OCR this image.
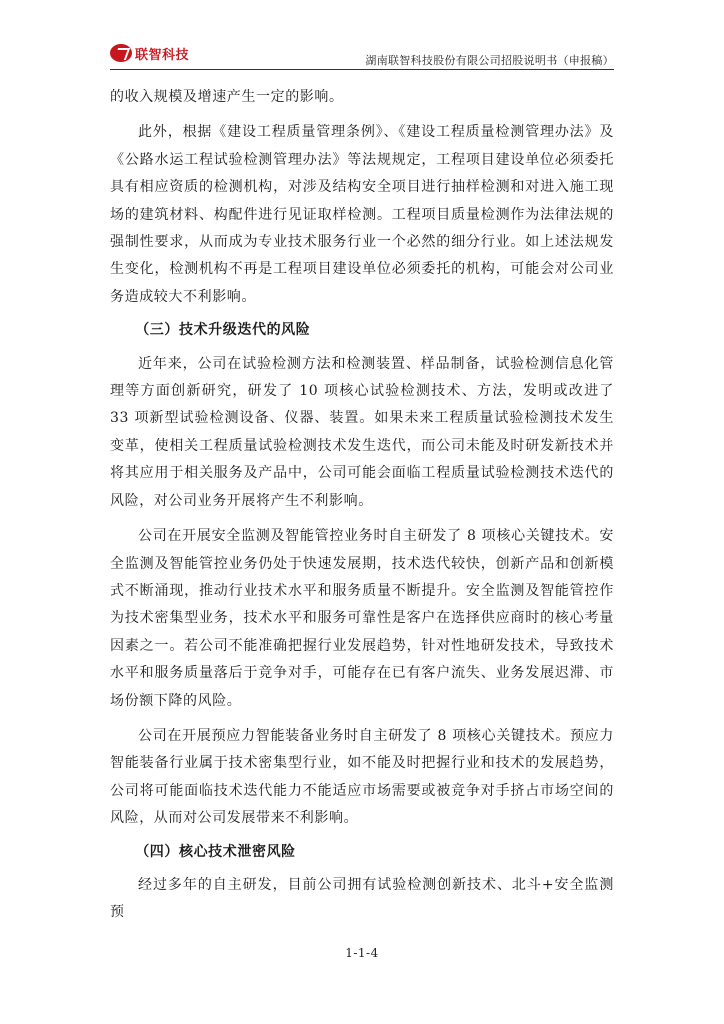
联智科技	湖南联智科技股份有限公司招股说明书（申报稿）

的收入规模及增速产生一定的影响。

此外，根据《建设工程质量管理条例》、《建设工程质量检测管理办法》及《公路水运工程试验检测管理办法》等法规规定，工程项目建设单位必须委托具有相应资质的检测机构，对涉及结构安全项目进行抽样检测和对进入施工现场的建筑材料、构配件进行见证取样检测。工程项目质量检测作为法律法规的强制性要求，从而成为专业技术服务行业一个必然的细分行业。如上述法规发生变化，检测机构不再是工程项目建设单位必须委托的机构，可能会对公司业务造成较大不利影响。

（三）技术升级迭代的风险

近年来，公司在试验检测方法和检测装置、样品制备，试验检测信息化管理等方面创新研究，研发了 10 项核心试验检测技术、方法，发明或改进了 33 项新型试验检测设备、仪器、装置。如果未来工程质量试验检测技术发生变革，使相关工程质量试验检测技术发生迭代，而公司未能及时研发新技术并将其应用于相关服务及产品中，公司可能会面临工程质量试验检测技术迭代的风险，对公司业务开展将产生不利影响。

公司在开展安全监测及智能管控业务时自主研发了 8 项核心关键技术。安全监测及智能管控业务仍处于快速发展期，技术迭代较快，创新产品和创新模式不断涌现，推动行业技术水平和服务质量不断提升。安全监测及智能管控作为技术密集型业务，技术水平和服务可靠性是客户在选择供应商时的核心考量因素之一。若公司不能准确把握行业发展趋势，针对性地研发技术，导致技术水平和服务质量落后于竞争对手，可能存在已有客户流失、业务发展迟滞、市场份额下降的风险。

公司在开展预应力智能装备业务时自主研发了 8 项核心关键技术。预应力智能装备行业属于技术密集型行业，如不能及时把握行业和技术的发展趋势，公司将可能面临技术迭代能力不能适应市场需要或被竞争对手挤占市场空间的风险，从而对公司发展带来不利影响。

（四）核心技术泄密风险

经过多年的自主研发，目前公司拥有试验检测创新技术、北斗+安全监测预

1-1-4
